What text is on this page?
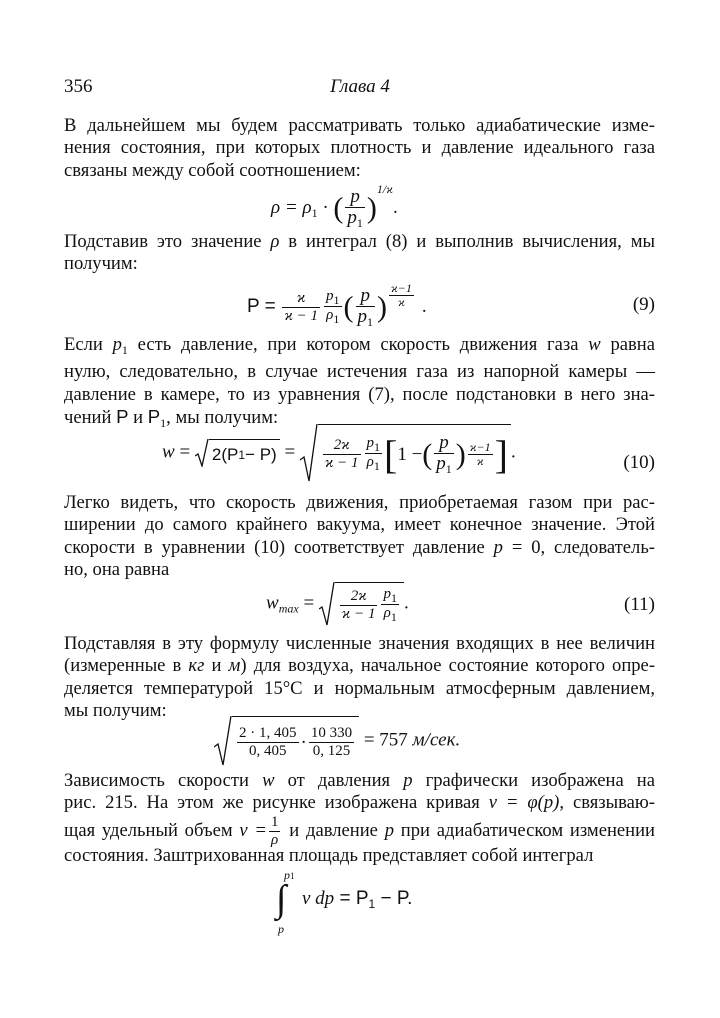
356	Глава 4
В дальнейшем мы будем рассматривать только адиабатические изме-
нения состояния, при которых плотность и давление идеального газа
связаны между собой соотношением:
$\rho = \rho_1$ · ( $\frac{p}{p_1} )^{1/ϰ}$.
Подставив это значение ρ в интеграл (8) и выполнив вычисления, мы
получим:
$P = \frac{ϰ}{ϰ - 1} \frac{p_1}{\rho_1}$ ( $\frac{p}{p_1}$ ) $\frac{ϰ-1}{ϰ}$ .	(9)
Если $p_1$ есть давление, при котором скорость движения газа w равна
нулю, следовательно, в случае истечения газа из напорной камеры —
давление в камере, то из уравнения (7), после подстановки в него зна-
чений P и $P_1$, мы получим:
w = 2(P $1 - P) = \frac{2ϰ}{ϰ - 1} \frac{p_1}{\rho_1}$ [ 1 − ( $\frac{p}{p_1}$ ) $\frac{ϰ-1}{ϰ}$ ] .
(10)
Легко видеть, что скорость движения, приобретаемая газом при рас-
ширении до самого крайнего вакуума, имеет конечное значение. Этой
скорости в уравнении (10) соответствует давление p = 0, следователь-
но, она равна
$w_{max} = \frac{2ϰ}{ϰ - 1} \frac{p_1}{\rho_1}$ .	(11)
Подставляя в эту формулу численные значения входящих в нее величин
(измеренные в кг и м) для воздуха, начальное состояние которого опре-
деляется температурой 15°C и нормальным атмосферным давлением,
мы получим:
$\frac{2 \cdot 1, 405}{0, 405} \cdot \frac{10 330}{0, 125} = 757$ м/сек.
Зависимость скорости w от давления p графически изображена на
рис. 215. На этом же рисунке изображена кривая v = φ(p), связываю-
щая удельный объем $v = \frac{1}{\rho}$ и давление p при адиабатическом изменении
состояния. Заштрихованная площадь представляет собой интеграл
p1
∫
p
v dp = $P_1 - P$.
